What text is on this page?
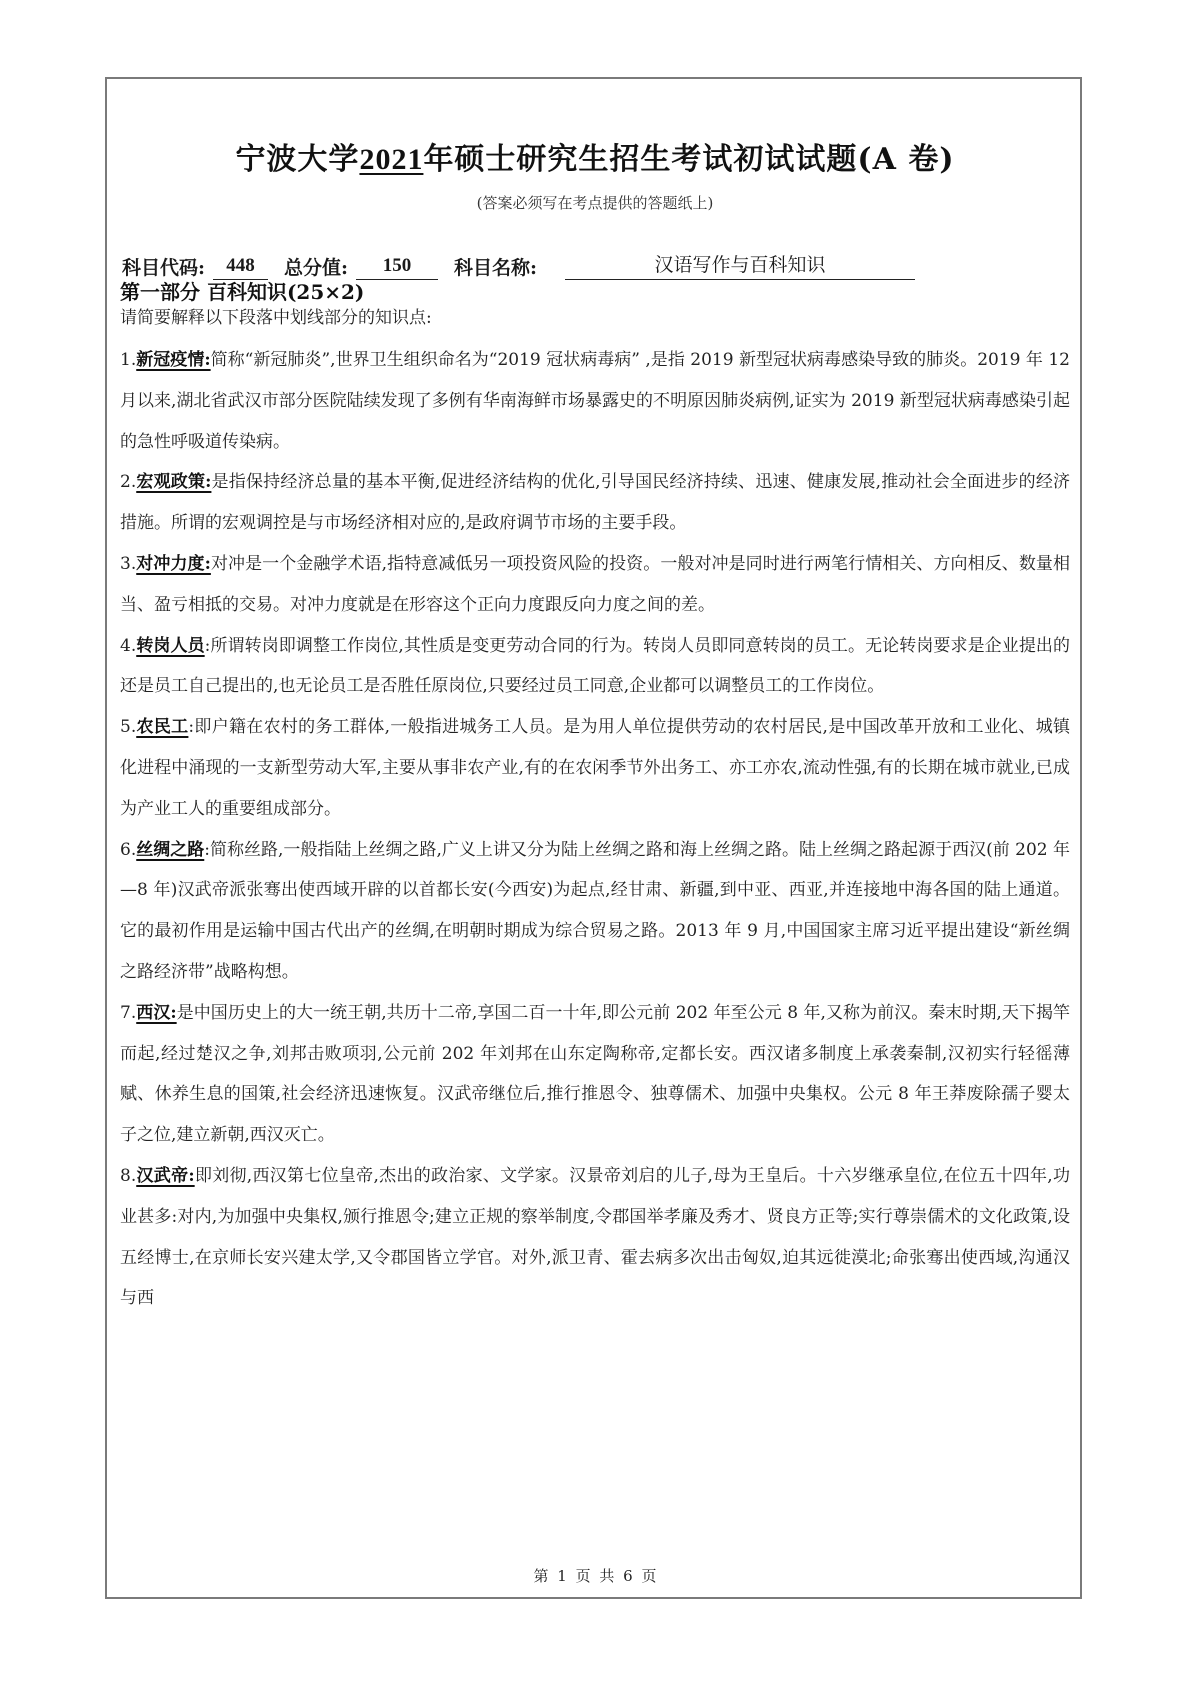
宁波大学2021年硕士研究生招生考试初试试题(A 卷)
(答案必须写在考点提供的答题纸上)
科目代码:	448	总分值:	150	科目名称:	汉语写作与百科知识
第一部分 百科知识(25×2)
请简要解释以下段落中划线部分的知识点:

1.新冠疫情:简称“新冠肺炎”,世界卫生组织命名为“2019 冠状病毒病” ,是指 2019 新型冠状病毒感染导致的肺炎。2019 年 12 月以来,湖北省武汉市部分医院陆续发现了多例有华南海鲜市场暴露史的不明原因肺炎病例,证实为 2019 新型冠状病毒感染引起的急性呼吸道传染病。

2.宏观政策:是指保持经济总量的基本平衡,促进经济结构的优化,引导国民经济持续、迅速、健康发展,推动社会全面进步的经济措施。所谓的宏观调控是与市场经济相对应的,是政府调节市场的主要手段。

3.对冲力度:对冲是一个金融学术语,指特意减低另一项投资风险的投资。一般对冲是同时进行两笔行情相关、方向相反、数量相当、盈亏相抵的交易。对冲力度就是在形容这个正向力度跟反向力度之间的差。

4.转岗人员:所谓转岗即调整工作岗位,其性质是变更劳动合同的行为。转岗人员即同意转岗的员工。无论转岗要求是企业提出的还是员工自己提出的,也无论员工是否胜任原岗位,只要经过员工同意,企业都可以调整员工的工作岗位。

5.农民工:即户籍在农村的务工群体,一般指进城务工人员。是为用人单位提供劳动的农村居民,是中国改革开放和工业化、城镇化进程中涌现的一支新型劳动大军,主要从事非农产业,有的在农闲季节外出务工、亦工亦农,流动性强,有的长期在城市就业,已成为产业工人的重要组成部分。

6.丝绸之路:简称丝路,一般指陆上丝绸之路,广义上讲又分为陆上丝绸之路和海上丝绸之路。陆上丝绸之路起源于西汉(前 202 年—8 年)汉武帝派张骞出使西域开辟的以首都长安(今西安)为起点,经甘肃、新疆,到中亚、西亚,并连接地中海各国的陆上通道。它的最初作用是运输中国古代出产的丝绸,在明朝时期成为综合贸易之路。2013 年 9 月,中国国家主席习近平提出建设“新丝绸之路经济带”战略构想。

7.西汉:是中国历史上的大一统王朝,共历十二帝,享国二百一十年,即公元前 202 年至公元 8 年,又称为前汉。秦末时期,天下揭竿而起,经过楚汉之争,刘邦击败项羽,公元前 202 年刘邦在山东定陶称帝,定都长安。西汉诸多制度上承袭秦制,汉初实行轻徭薄赋、休养生息的国策,社会经济迅速恢复。汉武帝继位后,推行推恩令、独尊儒术、加强中央集权。公元 8 年王莽废除孺子婴太子之位,建立新朝,西汉灭亡。

8.汉武帝:即刘彻,西汉第七位皇帝,杰出的政治家、文学家。汉景帝刘启的儿子,母为王皇后。十六岁继承皇位,在位五十四年,功业甚多:对内,为加强中央集权,颁行推恩令;建立正规的察举制度,令郡国举孝廉及秀才、贤良方正等;实行尊崇儒术的文化政策,设五经博士,在京师长安兴建太学,又令郡国皆立学官。对外,派卫青、霍去病多次出击匈奴,迫其远徙漠北;命张骞出使西域,沟通汉与西

第 1 页 共 6 页
